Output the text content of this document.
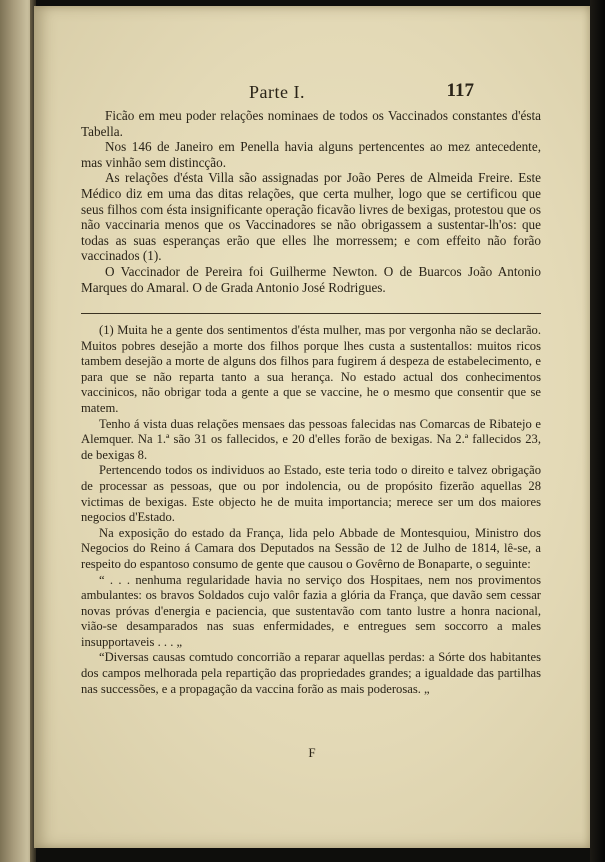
Parte I.	117

Ficão em meu poder relações nominaes de todos os Vaccinados constantes d'ésta Tabella.

Nos 146 de Janeiro em Penella havia alguns pertencentes ao mez antecedente, mas vinhão sem distincção.

As relações d'ésta Villa são assignadas por João Peres de Almeida Freire. Este Médico diz em uma das ditas relações, que certa mulher, logo que se certificou que seus filhos com ésta insignificante operação ficavão livres de bexigas, protestou que os não vaccinaria menos que os Vaccinadores se não obrigassem a sustentar-lh'os: que todas as suas esperanças erão que elles lhe morressem; e com effeito não forão vaccinados (1).

O Vaccinador de Pereira foi Guilherme Newton. O de Buarcos João Antonio Marques do Amaral. O de Grada Antonio José Rodrigues.

(1) Muita he a gente dos sentimentos d'ésta mulher, mas por vergonha não se declarão. Muitos pobres desejão a morte dos filhos porque lhes custa a sustentallos: muitos ricos tambem desejão a morte de alguns dos filhos para fugirem á despeza de estabelecimento, e para que se não reparta tanto a sua herança. No estado actual dos conhecimentos vaccinicos, não obrigar toda a gente a que se vaccine, he o mesmo que consentir que se matem.

Tenho á vista duas relações mensaes das pessoas falecidas nas Comarcas de Ribatejo e Alemquer. Na 1.ª são 31 os fallecidos, e 20 d'elles forão de bexigas. Na 2.ª fallecidos 23, de bexigas 8.

Pertencendo todos os individuos ao Estado, este teria todo o direito e talvez obrigação de processar as pessoas, que ou por indolencia, ou de propósito fizerão aquellas 28 victimas de bexigas. Este objecto he de muita importancia; merece ser um dos maiores negocios d'Estado.

Na exposição do estado da França, lida pelo Abbade de Montesquiou, Ministro dos Negocios do Reino á Camara dos Deputados na Sessão de 12 de Julho de 1814, lê-se, a respeito do espantoso consumo de gente que causou o Govêrno de Bonaparte, o seguinte:

“ . . . nenhuma regularidade havia no serviço dos Hospitaes, nem nos provimentos ambulantes: os bravos Soldados cujo valôr fazia a glória da França, que davão sem cessar novas próvas d'energia e paciencia, que sustentavão com tanto lustre a honra nacional, vião-se desamparados nas suas enfermidades, e entregues sem soccorro a males insupportaveis . . . „

“Diversas causas comtudo concorrião a reparar aquellas perdas: a Sórte dos habitantes dos campos melhorada pela repartição das propriedades grandes; a igualdade das partilhas nas successões, e a propagação da vaccina forão as mais poderosas. „

F
